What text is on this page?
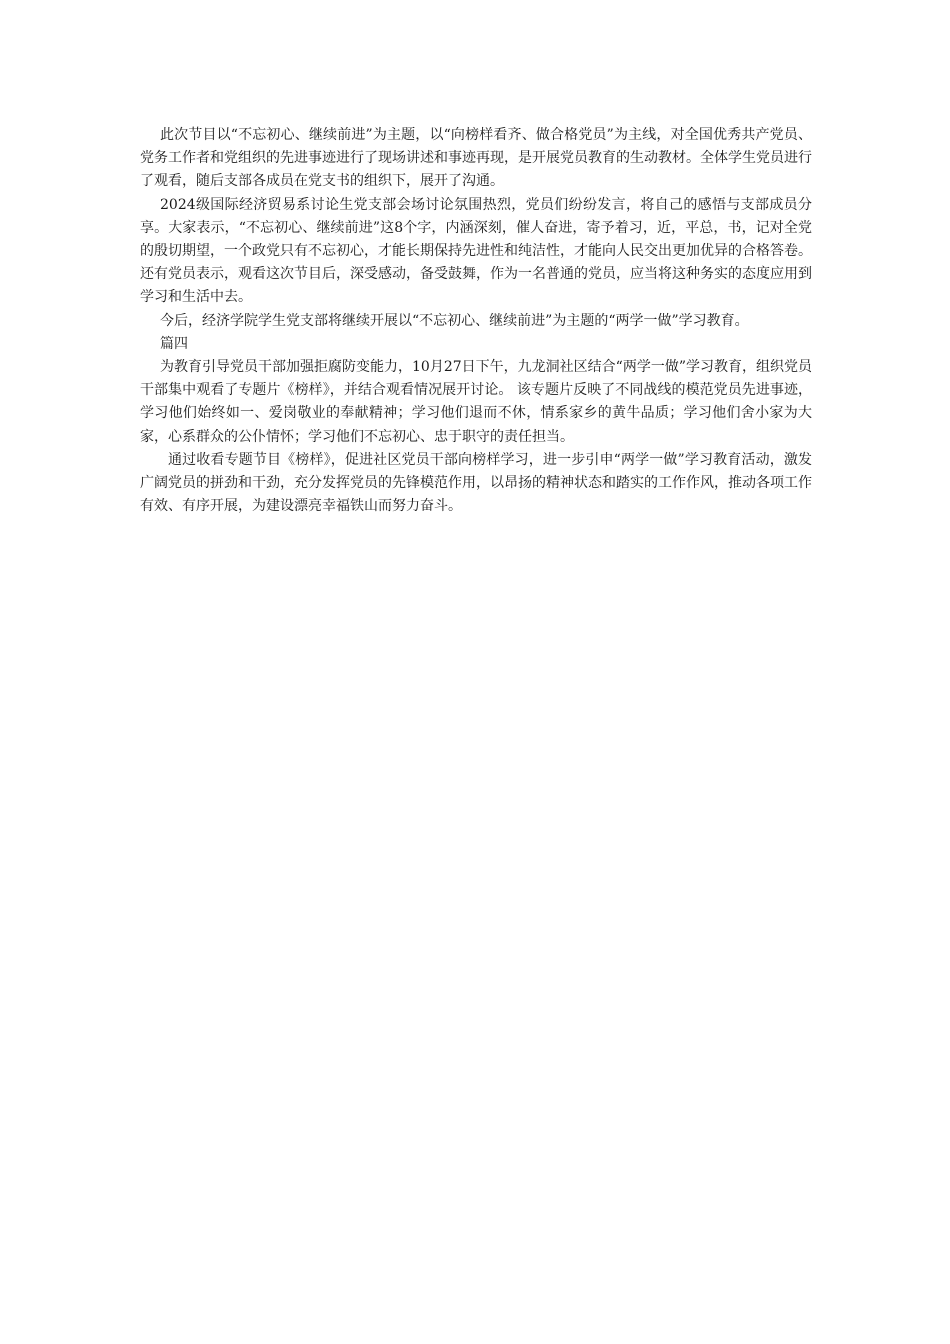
此次节目以“不忘初心、继续前进”为主题，以“向榜样看齐、做合格党员”为主线，对全国优秀共产党员、党务工作者和党组织的先进事迹进行了现场讲述和事迹再现，是开展党员教育的生动教材。全体学生党员进行了观看，随后支部各成员在党支书的组织下，展开了沟通。

2024级国际经济贸易系讨论生党支部会场讨论氛围热烈，党员们纷纷发言，将自己的感悟与支部成员分享。大家表示，“不忘初心、继续前进”这8个字，内涵深刻，催人奋进，寄予着习，近，平总，书，记对全党的殷切期望，一个政党只有不忘初心，才能长期保持先进性和纯洁性，才能向人民交出更加优异的合格答卷。还有党员表示，观看这次节目后，深受感动，备受鼓舞，作为一名普通的党员，应当将这种务实的态度应用到学习和生活中去。

今后，经济学院学生党支部将继续开展以“不忘初心、继续前进”为主题的“两学一做”学习教育。

篇四

为教育引导党员干部加强拒腐防变能力，10月27日下午，九龙洞社区结合“两学一做”学习教育，组织党员干部集中观看了专题片《榜样》，并结合观看情况展开讨论。 该专题片反映了不同战线的模范党员先进事迹，学习他们始终如一、爱岗敬业的奉献精神；学习他们退而不休，情系家乡的黄牛品质；学习他们舍小家为大家，心系群众的公仆情怀；学习他们不忘初心、忠于职守的责任担当。

通过收看专题节目《榜样》，促进社区党员干部向榜样学习，进一步引申“两学一做”学习教育活动，激发广阔党员的拼劲和干劲，充分发挥党员的先锋模范作用，以昂扬的精神状态和踏实的工作作风，推动各项工作有效、有序开展，为建设漂亮幸福铁山而努力奋斗。
